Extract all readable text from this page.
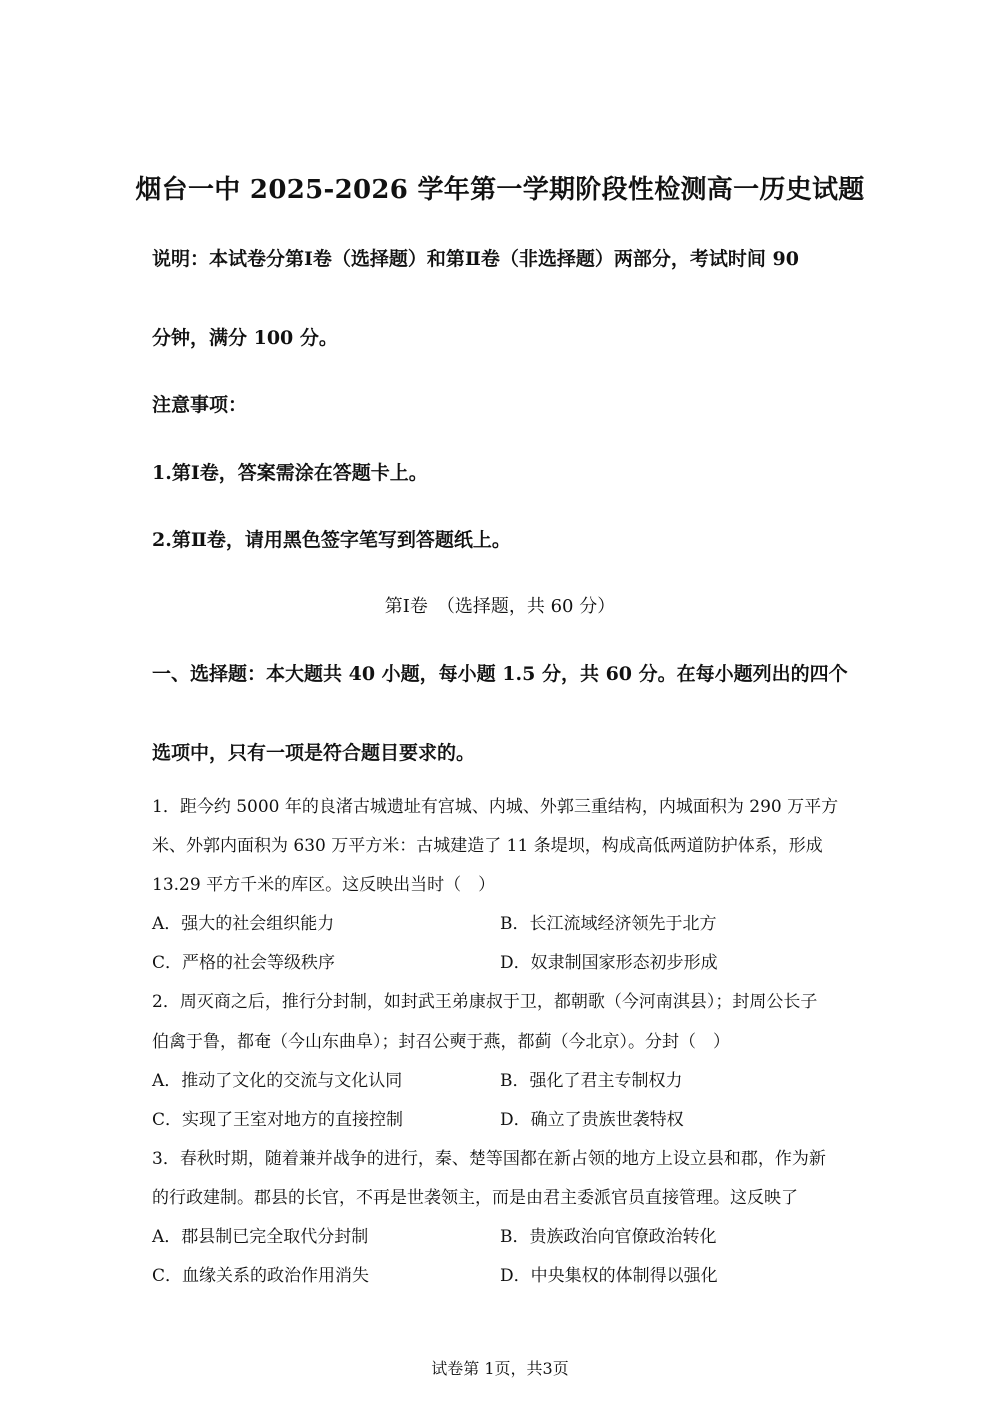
烟台一中 2025-2026 学年第一学期阶段性检测高一历史试题
说明：本试卷分第Ⅰ卷（选择题）和第Ⅱ卷（非选择题）两部分，考试时间 90
分钟，满分 100 分。
注意事项：
1.第Ⅰ卷，答案需涂在答题卡上。
2.第Ⅱ卷，请用黑色签字笔写到答题纸上。
第Ⅰ卷　（选择题，共 60 分）
一、选择题：本大题共 40 小题，每小题 1.5 分，共 60 分。在每小题列出的四个
选项中，只有一项是符合题目要求的。
1．距今约 5000 年的良渚古城遗址有宫城、内城、外郭三重结构，内城面积为 290 万平方
米、外郭内面积为 630 万平方米：古城建造了 11 条堤坝，构成高低两道防护体系，形成
13.29 平方千米的库区。这反映出当时（　）
A．强大的社会组织能力	B．长江流域经济领先于北方
C．严格的社会等级秩序	D．奴隶制国家形态初步形成
2．周灭商之后，推行分封制，如封武王弟康叔于卫，都朝歌（今河南淇县）；封周公长子
伯禽于鲁，都奄（今山东曲阜）；封召公奭于燕，都蓟（今北京）。分封（　）
A．推动了文化的交流与文化认同	B．强化了君主专制权力
C．实现了王室对地方的直接控制	D．确立了贵族世袭特权
3．春秋时期，随着兼并战争的进行，秦、楚等国都在新占领的地方上设立县和郡，作为新
的行政建制。郡县的长官，不再是世袭领主，而是由君主委派官员直接管理。这反映了
A．郡县制已完全取代分封制	B．贵族政治向官僚政治转化
C．血缘关系的政治作用消失	D．中央集权的体制得以强化
试卷第 1页，共3页
